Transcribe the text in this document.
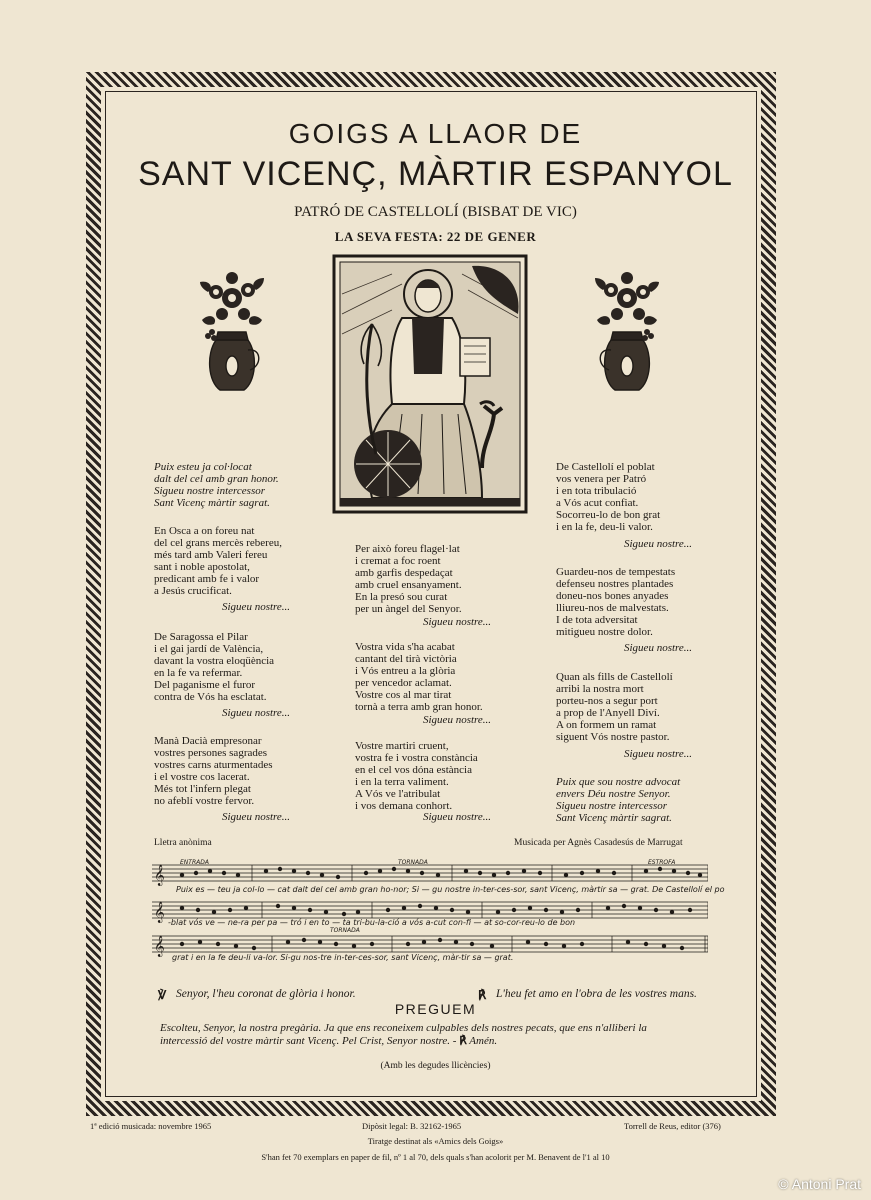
GOIGS A LLAOR DE
SANT VICENÇ, MÀRTIR ESPANYOL
PATRÓ DE CASTELLOLÍ (BISBAT DE VIC)
LA SEVA FESTA: 22 DE GENER
Puix esteu ja col·locat
dalt del cel amb gran honor.
Sigueu nostre intercessor
Sant Vicenç màrtir sagrat.
En Osca a on foreu nat
del cel grans mercès rebereu,
més tard amb Valeri fereu
sant i noble apostolat,
predicant amb fe i valor
a Jesús crucificat.
Sigueu nostre...
De Saragossa el Pilar
i el gai jardí de València,
davant la vostra eloqüència
en la fe va refermar.
Del paganisme el furor
contra de Vós ha esclatat.
Sigueu nostre...
Manà Dacià empresonar
vostres persones sagrades
vostres carns aturmentades
i el vostre cos lacerat.
Més tot l'infern plegat
no afeblí vostre fervor.
Sigueu nostre...
Per això foreu flagel·lat
i cremat a foc roent
amb garfis despedaçat
amb cruel ensanyament.
En la presó sou curat
per un àngel del Senyor.
Sigueu nostre...
Vostra vida s'ha acabat
cantant del tirà victòria
i Vós entreu a la glòria
per vencedor aclamat.
Vostre cos al mar tirat
tornà a terra amb gran honor.
Sigueu nostre...
Vostre martiri cruent,
vostra fe i vostra constància
en el cel vos dóna estància
i en la terra valiment.
A Vós ve l'atribulat
i vos demana conhort.
Sigueu nostre...
De Castellolí el poblat
vos venera per Patró
i en tota tribulació
a Vós acut confiat.
Socorreu-lo de bon grat
i en la fe, deu-li valor.
Sigueu nostre...
Guardeu-nos de tempestats
defenseu nostres plantades
doneu-nos bones anyades
lliureu-nos de malvestats.
I de tota adversitat
mitigueu nostre dolor.
Sigueu nostre...
Quan als fills de Castellolí
arribi la nostra mort
porteu-nos a segur port
a prop de l'Anyell Diví.
A on formem un ramat
siguent Vós nostre pastor.
Sigueu nostre...
Puix que sou nostre advocat
envers Déu nostre Senyor.
Sigueu nostre intercessor
Sant Vicenç màrtir sagrat.
Lletra anònima	Musicada per Agnès Casadesús de Marrugat
𝄞
ENTRADA	TORNADA	ESTROFA
Puix es — teu ja col-lo — cat dalt del cel amb gran ho-nor; Si — gu nostre in-ter-ces-sor, sant Vicenç, màrtir sa — grat. De Castellolí el po
𝄞 -blat vós ve — ne-ra per pa — tró i en to — ta tri-bu-la-ció a vós a-cut con-fi — at so-cor-reu-lo de bon
𝄞
TORNADA
grat i en la fe deu-li va-lor. Si-gu nos-tre in-ter-ces-sor, sant Vicenç, màr-tir sa — grat.
℣ Senyor, l'heu coronat de glòria i honor.	℟ L'heu fet amo en l'obra de les vostres mans.
PREGUEM
Escolteu, Senyor, la nostra pregària. Ja que ens reconeixem culpables dels nostres pecats, que ens n'alliberi la
intercessió del vostre màrtir sant Vicenç. Pel Crist, Senyor nostre. - ℟ Amén.
(Amb les degudes llicències)
1ª edició musicada: novembre 1965	Dipòsit legal: B. 32162-1965	Torrell de Reus, editor (376)
Tiratge destinat als «Amics dels Goigs»
S'han fet 70 exemplars en paper de fil, nº 1 al 70, dels quals s'han acolorit per M. Benavent de l'1 al 10
© Antoni Prat
